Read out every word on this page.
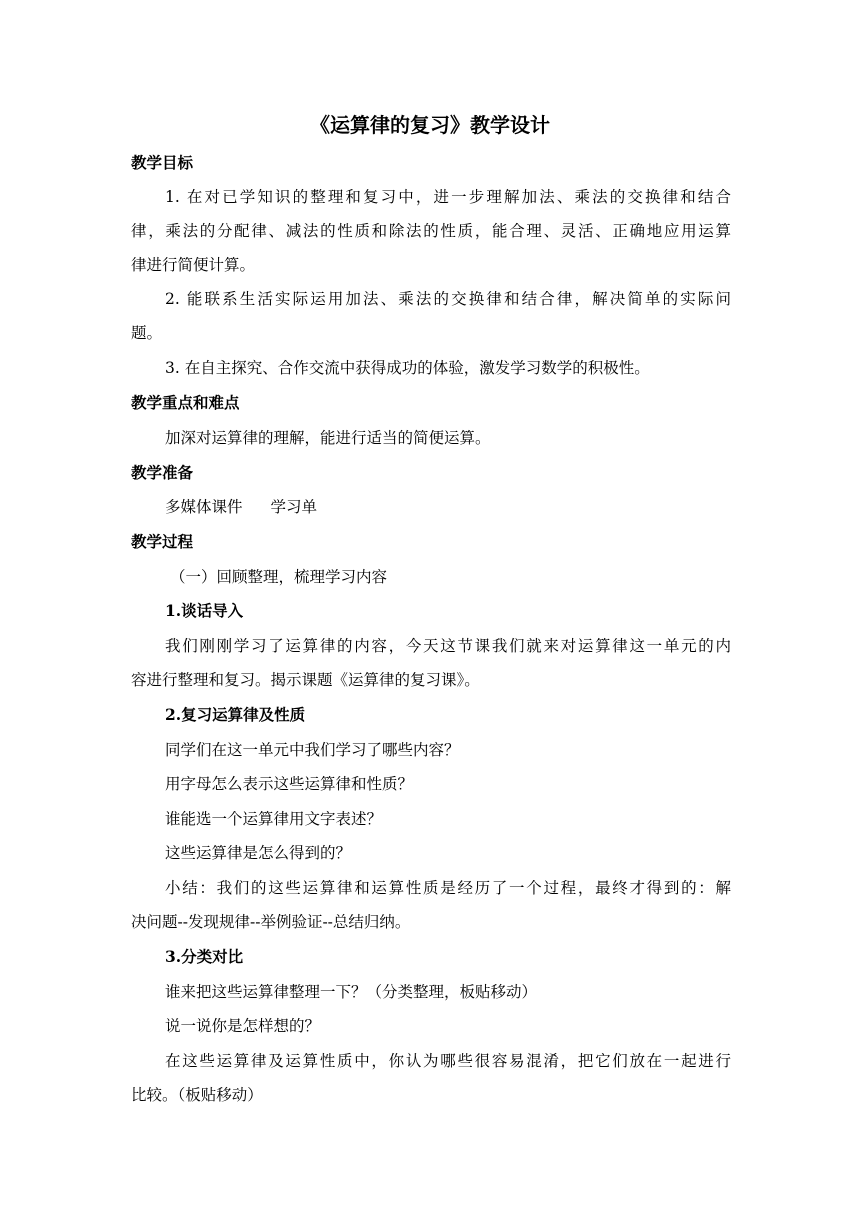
《运算律的复习》教学设计

教学目标

1. 在对已学知识的整理和复习中，进一步理解加法、乘法的交换律和结合

律，乘法的分配律、减法的性质和除法的性质，能合理、灵活、正确地应用运算

律进行简便计算。

2. 能联系生活实际运用加法、乘法的交换律和结合律，解决简单的实际问

题。

3. 在自主探究、合作交流中获得成功的体验，激发学习数学的积极性。

教学重点和难点

加深对运算律的理解，能进行适当的简便运算。

教学准备

多媒体课件 学习单

教学过程

（一）回顾整理，梳理学习内容

1.谈话导入

我们刚刚学习了运算律的内容，今天这节课我们就来对运算律这一单元的内

容进行整理和复习。揭示课题《运算律的复习课》。

2.复习运算律及性质

同学们在这一单元中我们学习了哪些内容？

用字母怎么表示这些运算律和性质？

谁能选一个运算律用文字表述？

这些运算律是怎么得到的？

小结：我们的这些运算律和运算性质是经历了一个过程，最终才得到的：解

决问题--发现规律--举例验证--总结归纳。

3.分类对比

谁来把这些运算律整理一下？（分类整理，板贴移动）

说一说你是怎样想的？

在这些运算律及运算性质中，你认为哪些很容易混淆，把它们放在一起进行

比较。（板贴移动）
